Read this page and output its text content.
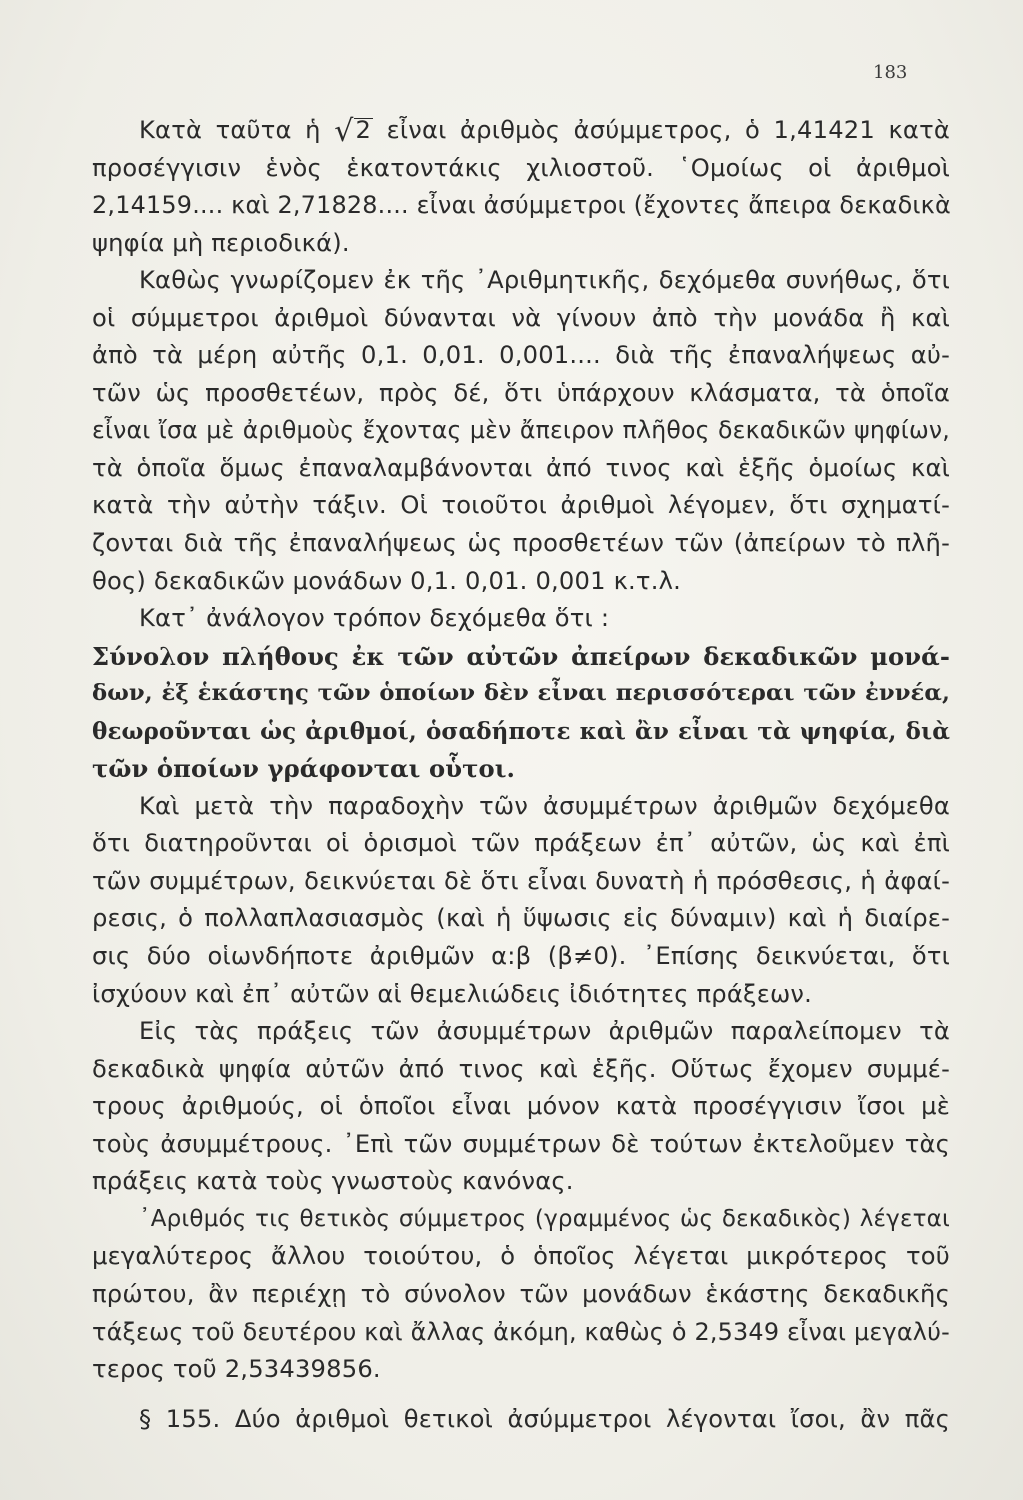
183
Κατὰ ταῦτα ἡ √2 εἶναι ἀριθμὸς ἀσύμμετρος, ὁ 1,41421 κατὰ
προσέγγισιν ἑνὸς ἑκατοντάκις χιλιοστοῦ. ῾Ομοίως οἱ ἀριθμοὶ
2,14159.... καὶ 2,71828.... εἶναι ἀσύμμετροι (ἔχοντες ἄπειρα δεκαδικὰ
ψηφία μὴ περιοδικά).
Καθὼς γνωρίζομεν ἐκ τῆς ᾿Αριθμητικῆς, δεχόμεθα συνήθως, ὅτι
οἱ σύμμετροι ἀριθμοὶ δύνανται νὰ γίνουν ἀπὸ τὴν μονάδα ἢ καὶ
ἀπὸ τὰ μέρη αὐτῆς 0,1. 0,01. 0,001.... διὰ τῆς ἐπαναλήψεως αὐ-
τῶν ὡς προσθετέων, πρὸς δέ, ὅτι ὑπάρχουν κλάσματα, τὰ ὁποῖα
εἶναι ἴσα μὲ ἀριθμοὺς ἔχοντας μὲν ἄπειρον πλῆθος δεκαδικῶν ψηφίων,
τὰ ὁποῖα ὅμως ἐπαναλαμβάνονται ἀπό τινος καὶ ἑξῆς ὁμοίως καὶ
κατὰ τὴν αὐτὴν τάξιν. Οἱ τοιοῦτοι ἀριθμοὶ λέγομεν, ὅτι σχηματί-
ζονται διὰ τῆς ἐπαναλήψεως ὡς προσθετέων τῶν (ἀπείρων τὸ πλῆ-
θος) δεκαδικῶν μονάδων 0,1. 0,01. 0,001 κ.τ.λ.
Κατ᾿ ἀνάλογον τρόπον δεχόμεθα ὅτι :
Σύνολον πλήθους ἐκ τῶν αὐτῶν ἀπείρων δεκαδικῶν μονά-
δων, ἐξ ἑκάστης τῶν ὁποίων δὲν εἶναι περισσότεραι τῶν ἐννέα,
θεωροῦνται ὡς ἀριθμοί, ὁσαδήποτε καὶ ἂν εἶναι τὰ ψηφία, διὰ
τῶν ὁποίων γράφονται οὗτοι.
Καὶ μετὰ τὴν παραδοχὴν τῶν ἀσυμμέτρων ἀριθμῶν δεχόμεθα
ὅτι διατηροῦνται οἱ ὁρισμοὶ τῶν πράξεων ἐπ᾿ αὐτῶν, ὡς καὶ ἐπὶ
τῶν συμμέτρων, δεικνύεται δὲ ὅτι εἶναι δυνατὴ ἡ πρόσθεσις, ἡ ἀφαί-
ρεσις, ὁ πολλαπλασιασμὸς (καὶ ἡ ὕψωσις εἰς δύναμιν) καὶ ἡ διαίρε-
σις δύο οἱωνδήποτε ἀριθμῶν α:β (β≠0). ᾿Επίσης δεικνύεται, ὅτι
ἰσχύουν καὶ ἐπ᾿ αὐτῶν αἱ θεμελιώδεις ἰδιότητες πράξεων.
Εἰς τὰς πράξεις τῶν ἀσυμμέτρων ἀριθμῶν παραλείπομεν τὰ
δεκαδικὰ ψηφία αὐτῶν ἀπό τινος καὶ ἑξῆς. Οὕτως ἔχομεν συμμέ-
τρους ἀριθμούς, οἱ ὁποῖοι εἶναι μόνον κατὰ προσέγγισιν ἴσοι μὲ
τοὺς ἀσυμμέτρους. ᾿Επὶ τῶν συμμέτρων δὲ τούτων ἐκτελοῦμεν τὰς
πράξεις κατὰ τοὺς γνωστοὺς κανόνας.
᾿Αριθμός τις θετικὸς σύμμετρος (γραμμένος ὡς δεκαδικὸς) λέγεται
μεγαλύτερος ἄλλου τοιούτου, ὁ ὁποῖος λέγεται μικρότερος τοῦ
πρώτου, ἂν περιέχῃ τὸ σύνολον τῶν μονάδων ἑκάστης δεκαδικῆς
τάξεως τοῦ δευτέρου καὶ ἄλλας ἀκόμη, καθὼς ὁ 2,5349 εἶναι μεγαλύ-
τερος τοῦ 2,53439856.
§ 155. Δύο ἀριθμοὶ θετικοὶ ἀσύμμετροι λέγονται ἴσοι, ἂν πᾶς
